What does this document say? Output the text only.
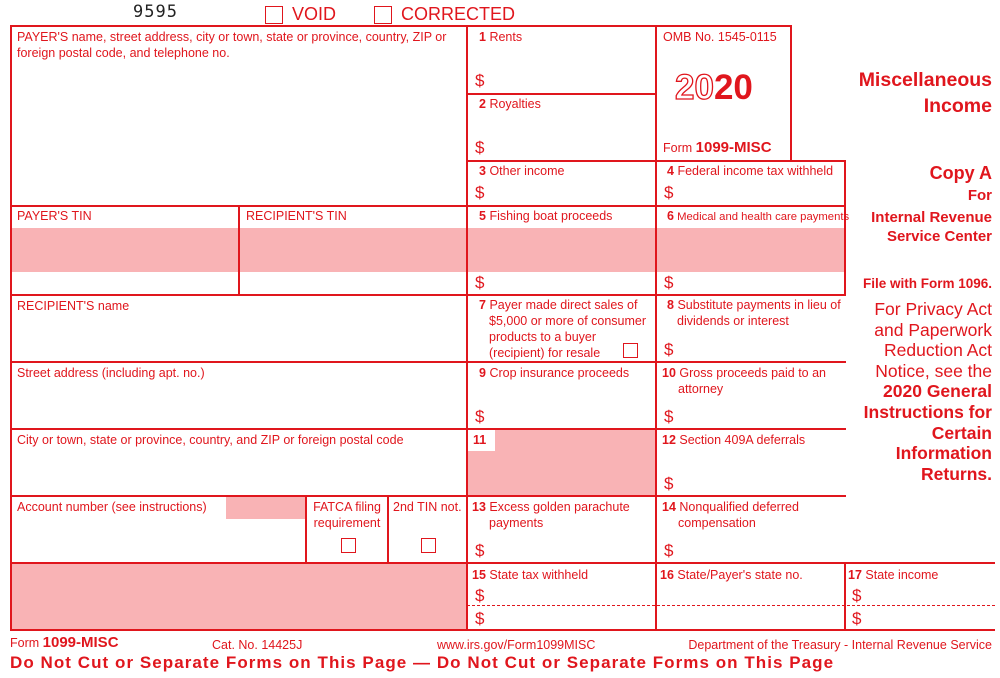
9595	VOID	CORRECTED
PAYER'S name, street address, city or town, state or province, country, ZIP or foreign postal code, and telephone no.
PAYER'S TIN	RECIPIENT'S TIN
RECIPIENT'S name
Street address (including apt. no.)
City or town, state or province, country, and ZIP or foreign postal code
Account number (see instructions)	FATCA filing
requirement
2nd TIN not.
1 Rents
$
2 Royalties
$
OMB No. 1545-0115
2020
Form 1099-MISC
3 Other income
$
4 Federal income tax withheld
$
5 Fishing boat proceeds
$
6 Medical and health care payments
$
7 Payer made direct sales of
$5,000 or more of consumer
products to a buyer
(recipient) for resale
8 Substitute payments in lieu of
dividends or interest
$
9 Crop insurance proceeds
$
10 Gross proceeds paid to an
attorney
$
11	12 Section 409A deferrals
$
13 Excess golden parachute
payments
$
14 Nonqualified deferred
compensation
$
15 State tax withheld
$
$
16 State/Payer's state no.	17 State income
$
$
Miscellaneous
Income
Copy A
For
Internal Revenue
Service Center
File with Form 1096.
For Privacy Act
and Paperwork
Reduction Act
Notice, see the
2020 General
Instructions for
Certain
Information
Returns.
Form 1099-MISC	Cat. No. 14425J	www.irs.gov/Form1099MISC	Department of the Treasury - Internal Revenue Service
Do Not Cut or Separate Forms on This Page — Do Not Cut or Separate Forms on This Page
